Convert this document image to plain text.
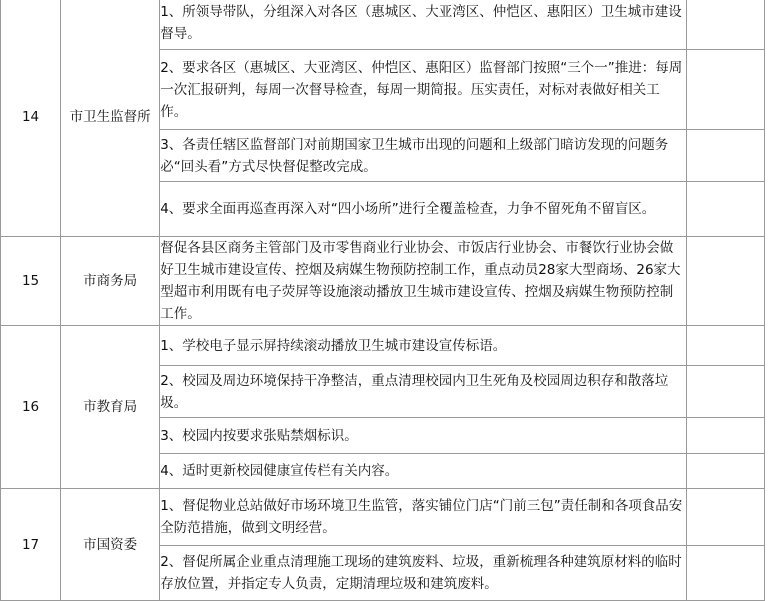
14	市卫生监督所	1、所领导带队，分组深入对各区（惠城区、大亚湾区、仲恺区、惠阳区）卫生城市建设督导。	
		2、要求各区（惠城区、大亚湾区、仲恺区、惠阳区）监督部门按照“三个一”推进：每周一次汇报研判，每周一次督导检查，每周一期简报。压实责任，对标对表做好相关工作。	
		3、各责任辖区监督部门对前期国家卫生城市出现的问题和上级部门暗访发现的问题务必“回头看”方式尽快督促整改完成。	
		4、要求全面再巡查再深入对“四小场所”进行全覆盖检查，力争不留死角不留盲区。	
15	市商务局	督促各县区商务主管部门及市零售商业行业协会、市饭店行业协会、市餐饮行业协会做好卫生城市建设宣传、控烟及病媒生物预防控制工作，重点动员28家大型商场、26家大型超市利用既有电子荧屏等设施滚动播放卫生城市建设宣传、控烟及病媒生物预防控制工作。	
16	市教育局	1、学校电子显示屏持续滚动播放卫生城市建设宣传标语。	
		2、校园及周边环境保持干净整洁，重点清理校园内卫生死角及校园周边积存和散落垃圾。	
		3、校园内按要求张贴禁烟标识。	
		4、适时更新校园健康宣传栏有关内容。	
17	市国资委	1、督促物业总站做好市场环境卫生监管，落实铺位门店“门前三包”责任制和各项食品安全防范措施，做到文明经营。	
		2、督促所属企业重点清理施工现场的建筑废料、垃圾，重新梳理各种建筑原材料的临时存放位置，并指定专人负责，定期清理垃圾和建筑废料。	
